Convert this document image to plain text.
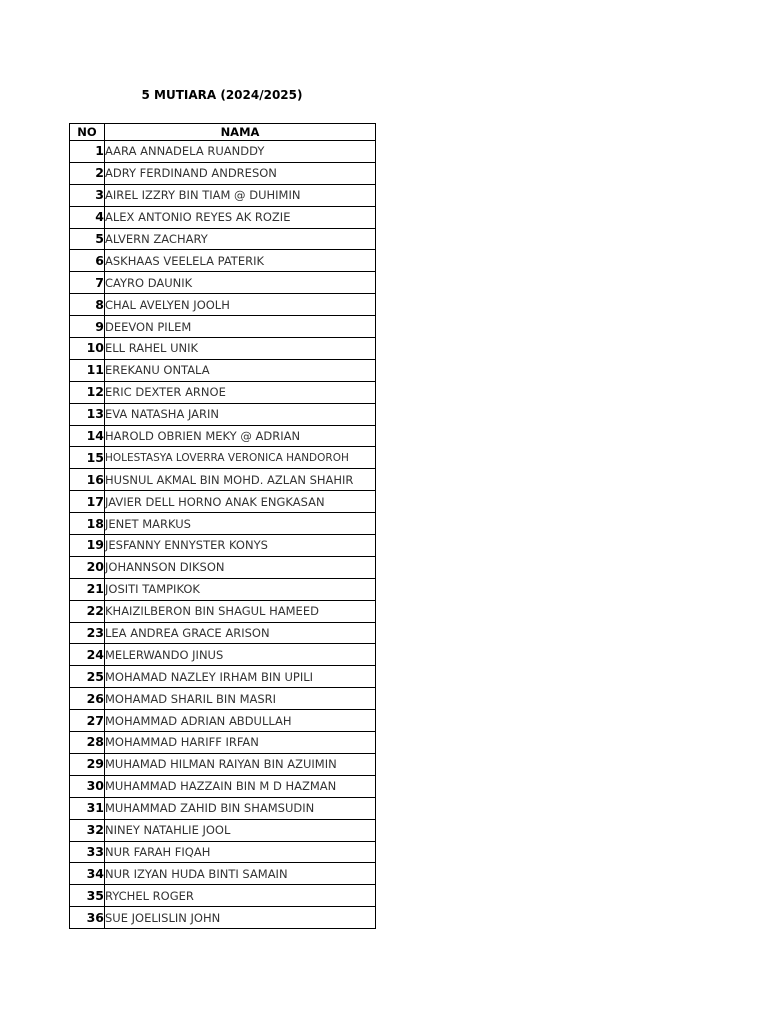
5 MUTIARA (2024/2025)
NO	NAMA
1	AARA ANNADELA RUANDDY
2	ADRY FERDINAND ANDRESON
3	AIREL IZZRY BIN TIAM @ DUHIMIN
4	ALEX ANTONIO REYES AK ROZIE
5	ALVERN ZACHARY
6	ASKHAAS VEELELA PATERIK
7	CAYRO DAUNIK
8	CHAL AVELYEN JOOLH
9	DEEVON PILEM
10	ELL RAHEL UNIK
11	EREKANU ONTALA
12	ERIC DEXTER ARNOE
13	EVA NATASHA JARIN
14	HAROLD OBRIEN MEKY @ ADRIAN
15	HOLESTASYA LOVERRA VERONICA HANDOROH
16	HUSNUL AKMAL BIN MOHD. AZLAN SHAHIR
17	JAVIER DELL HORNO ANAK ENGKASAN
18	JENET MARKUS
19	JESFANNY ENNYSTER KONYS
20	JOHANNSON DIKSON
21	JOSITI TAMPIKOK
22	KHAIZILBERON BIN SHAGUL HAMEED
23	LEA ANDREA GRACE ARISON
24	MELERWANDO JINUS
25	MOHAMAD NAZLEY IRHAM BIN UPILI
26	MOHAMAD SHARIL BIN MASRI
27	MOHAMMAD ADRIAN ABDULLAH
28	MOHAMMAD HARIFF IRFAN
29	MUHAMAD HILMAN RAIYAN BIN AZUIMIN
30	MUHAMMAD HAZZAIN BIN M D HAZMAN
31	MUHAMMAD ZAHID BIN SHAMSUDIN
32	NINEY NATAHLIE JOOL
33	NUR FARAH FIQAH
34	NUR IZYAN HUDA BINTI SAMAIN
35	RYCHEL ROGER
36	SUE JOELISLIN JOHN
